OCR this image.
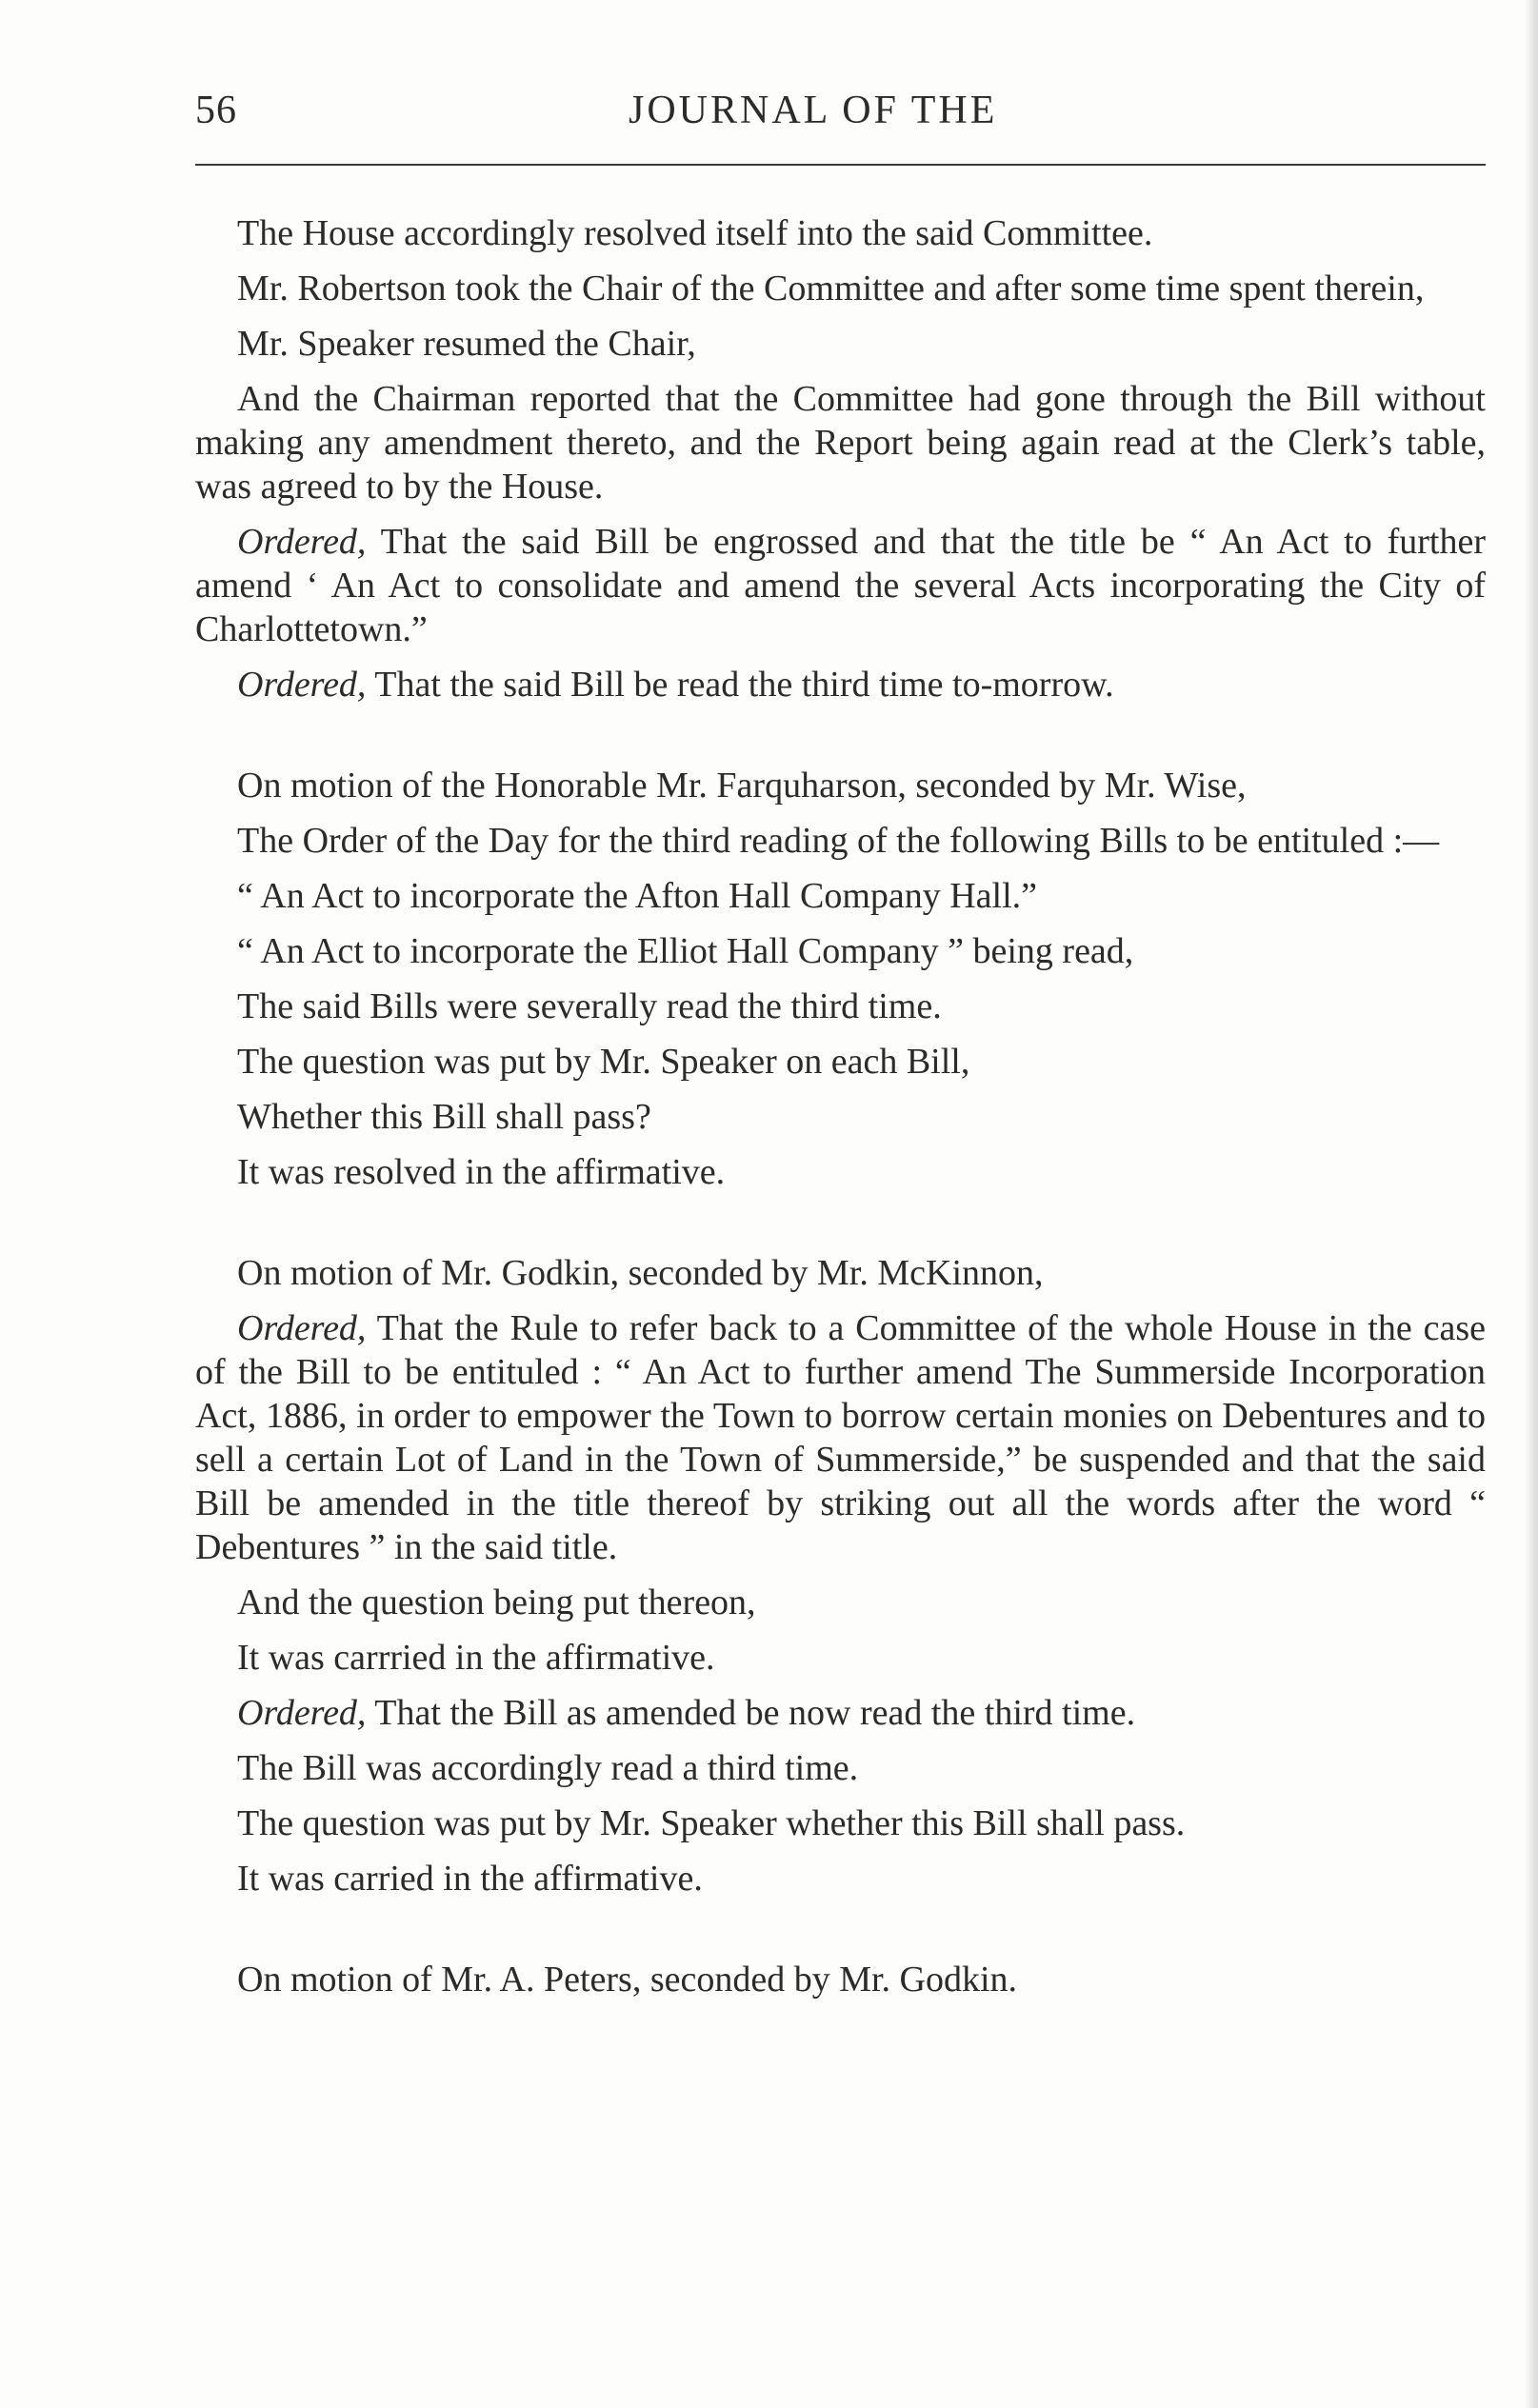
56	JOURNAL OF THE

The House accordingly resolved itself into the said Committee.

Mr. Robertson took the Chair of the Committee and after some time spent therein,

Mr. Speaker resumed the Chair,

And the Chairman reported that the Committee had gone through the Bill without making any amendment thereto, and the Report being again read at the Clerk’s table, was agreed to by the House.

Ordered, That the said Bill be engrossed and that the title be “ An Act to further amend ‘ An Act to consolidate and amend the several Acts incorporating the City of Charlottetown.”

Ordered, That the said Bill be read the third time to-morrow.

On motion of the Honorable Mr. Farquharson, seconded by Mr. Wise,

The Order of the Day for the third reading of the following Bills to be entituled :—

“ An Act to incorporate the Afton Hall Company Hall.”

“ An Act to incorporate the Elliot Hall Company ” being read,

The said Bills were severally read the third time.

The question was put by Mr. Speaker on each Bill,

Whether this Bill shall pass?

It was resolved in the affirmative.

On motion of Mr. Godkin, seconded by Mr. McKinnon,

Ordered, That the Rule to refer back to a Committee of the whole House in the case of the Bill to be entituled : “ An Act to further amend The Summerside Incorporation Act, 1886, in order to empower the Town to borrow certain monies on Debentures and to sell a certain Lot of Land in the Town of Summerside,” be suspended and that the said Bill be amended in the title thereof by striking out all the words after the word “ Debentures ” in the said title.

And the question being put thereon,

It was carrried in the affirmative.

Ordered, That the Bill as amended be now read the third time.

The Bill was accordingly read a third time.

The question was put by Mr. Speaker whether this Bill shall pass.

It was carried in the affirmative.

On motion of Mr. A. Peters, seconded by Mr. Godkin.
